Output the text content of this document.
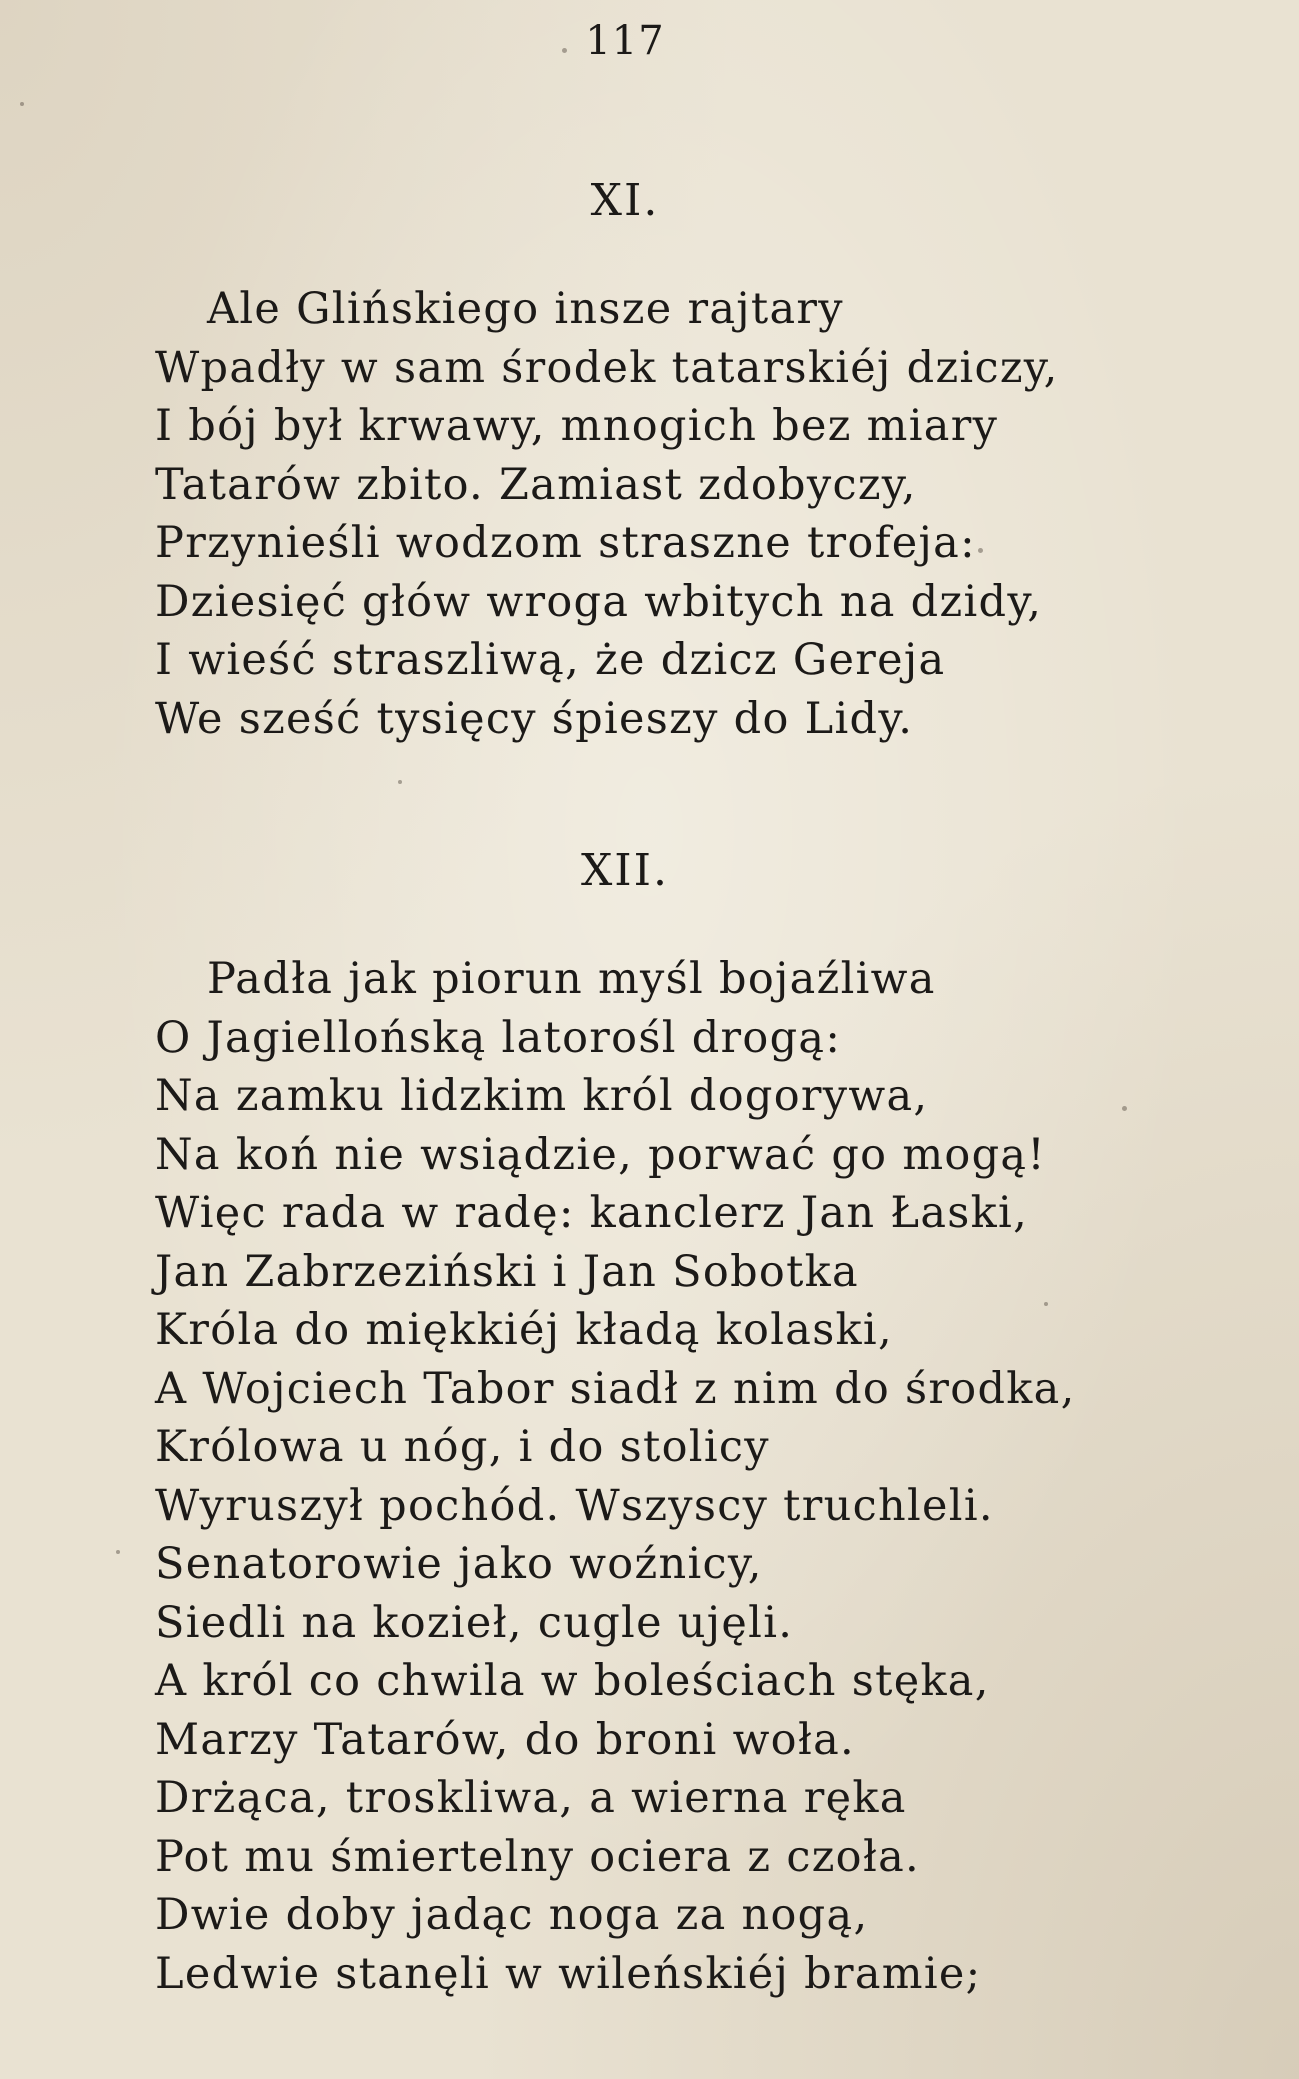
117
XI.
Ale Glińskiego insze rajtary
Wpadły w sam środek tatarskiéj dziczy,
I bój był krwawy, mnogich bez miary
Tatarów zbito. Zamiast zdobyczy,
Przynieśli wodzom straszne trofeja:
Dziesięć głów wroga wbitych na dzidy,
I wieść straszliwą, że dzicz Gereja
We sześć tysięcy śpieszy do Lidy.
XII.
Padła jak piorun myśl bojaźliwa
O Jagiellońską latorośl drogą:
Na zamku lidzkim król dogorywa,
Na koń nie wsiądzie, porwać go mogą!
Więc rada w radę: kanclerz Jan Łaski,
Jan Zabrzeziński i Jan Sobotka
Króla do miękkiéj kładą kolaski,
A Wojciech Tabor siadł z nim do środka,
Królowa u nóg, i do stolicy
Wyruszył pochód. Wszyscy truchleli.
Senatorowie jako woźnicy,
Siedli na kozieł, cugle ujęli.
A król co chwila w boleściach stęka,
Marzy Tatarów, do broni woła.
Drżąca, troskliwa, a wierna ręka
Pot mu śmiertelny ociera z czoła.
Dwie doby jadąc noga za nogą,
Ledwie stanęli w wileńskiéj bramie;
